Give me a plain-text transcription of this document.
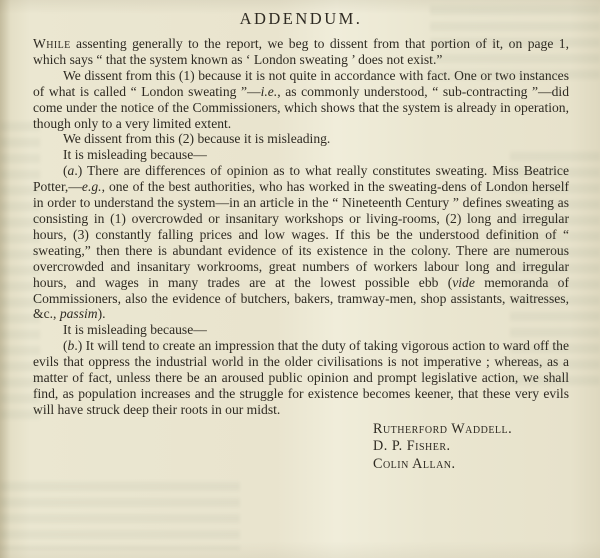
ADDENDUM.

While assenting generally to the report, we beg to dissent from that portion of it, on page 1, which says “ that the system known as ‘ London sweating ’ does not exist.”

We dissent from this (1) because it is not quite in accordance with fact. One or two instances of what is called “ London sweating ”—i.e., as commonly understood, “ sub-contracting ”—did come under the notice of the Commissioners, which shows that the system is already in operation, though only to a very limited extent.

We dissent from this (2) because it is misleading.

It is misleading because—

(a.) There are differences of opinion as to what really constitutes sweating. Miss Beatrice Potter,—e.g., one of the best authorities, who has worked in the sweating-dens of London herself in order to understand the system—in an article in the “ Nineteenth Century ” defines sweating as consisting in (1) overcrowded or insanitary workshops or living-rooms, (2) long and irregular hours, (3) constantly falling prices and low wages. If this be the understood definition of “ sweating,” then there is abundant evidence of its existence in the colony. There are numerous overcrowded and insanitary workrooms, great numbers of workers labour long and irregular hours, and wages in many trades are at the lowest possible ebb (vide memoranda of Commissioners, also the evidence of butchers, bakers, tramway-men, shop assistants, waitresses, &c., passim).

It is misleading because—

(b.) It will tend to create an impression that the duty of taking vigorous action to ward off the evils that oppress the industrial world in the older civilisations is not imperative ; whereas, as a matter of fact, unless there be an aroused public opinion and prompt legislative action, we shall find, as population increases and the struggle for existence becomes keener, that these very evils will have struck deep their roots in our midst.

Rutherford Waddell.
D. P. Fisher.
Colin Allan.
